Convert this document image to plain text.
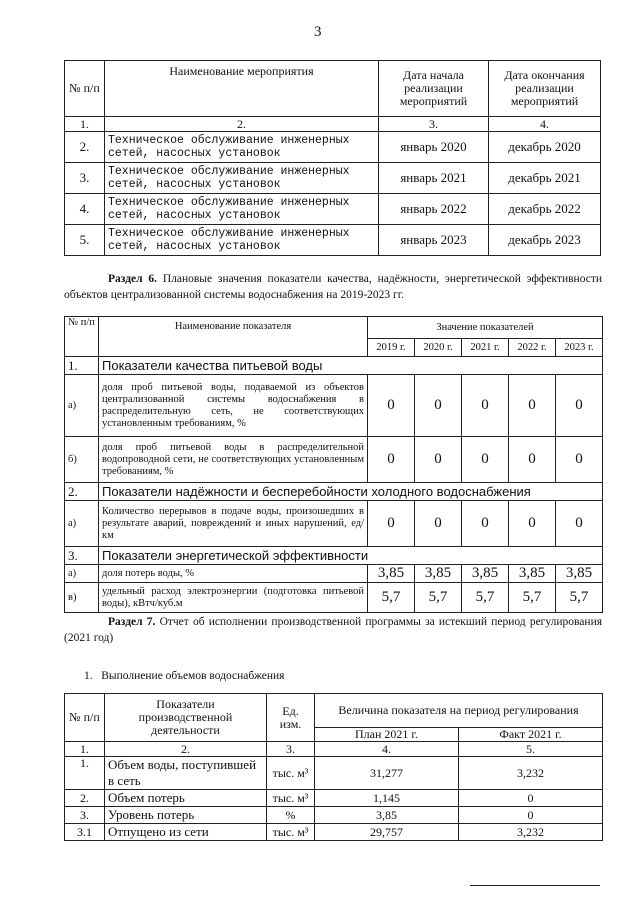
3
№ п/п	Наименование мероприятия	Дата начала реализации мероприятий	Дата окончания реализации мероприятий
1.	2.	3.	4.
2.	Техническое обслуживание инженерных сетей, насосных установок	январь 2020	декабрь 2020
3.	Техническое обслуживание инженерных сетей, насосных установок	январь 2021	декабрь 2021
4.	Техническое обслуживание инженерных сетей, насосных установок	январь 2022	декабрь 2022
5.	Техническое обслуживание инженерных сетей, насосных установок	январь 2023	декабрь 2023
Раздел 6. Плановые значения показатели качества, надёжности, энергетической эффективности объектов централизованной системы водоснабжения на 2019-2023 гг.
№ п/п	Наименование показателя	Значение показателей				
		2019 г.	2020 г.	2021 г.	2022 г.	2023 г.
1.	Показатели качества питьевой воды					
а)	доля проб питьевой воды, подаваемой из объектов централизованной системы водоснабжения в распределительную сеть, не соответствующих установленным требованиям, %	0	0	0	0	0
б)	доля проб питьевой воды в распределительной водопроводной сети, не соответствующих установленным требованиям, %	0	0	0	0	0
2.	Показатели надёжности и бесперебойности холодного водоснабжения					
а)	Количество перерывов в подаче воды, произошедших в результате аварий, повреждений и иных нарушений, ед/км	0	0	0	0	0
3.	Показатели энергетической эффективности					
а)	доля потерь воды, %	3,85	3,85	3,85	3,85	3,85
в)	удельный расход электроэнергии (подготовка питьевой воды), кВтч/куб.м	5,7	5,7	5,7	5,7	5,7
Раздел 7. Отчет об исполнении производственной программы за истекший период регулирования (2021 год)
1.   Выполнение объемов водоснабжения
№ п/п	Показатели производственной деятельности	Ед. изм.	Величина показателя на период регулирования	
			План 2021 г.	Факт 2021 г.
1.	2.	3.	4.	5.
1.	Объем воды, поступившей в сеть	тыс. м³	31,277	3,232
2.	Объем потерь	тыс. м³	1,145	0
3.	Уровень потерь	%	3,85	0
3.1	Отпущено из сети	тыс. м³	29,757	3,232
